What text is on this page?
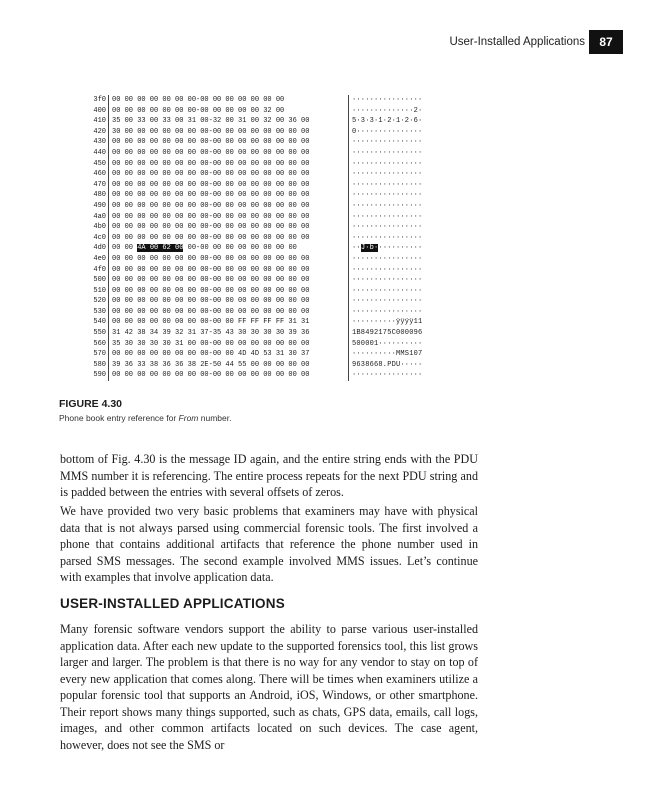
User-Installed Applications	87
3f0 00 00 00 00 00 00 00-00 00 00 00 00 00 00	················
400 00 00 00 00 00 00 00-00 00 00 00 00 32 00	··············2·
410 35 00 33 00 33 00 31 00-32 00 31 00 32 00 36 00	5·3·3·1·2·1·2·6·
420 30 00 00 00 00 00 00 00-00 00 00 00 00 00 00 00	0···············
430 00 00 00 00 00 00 00 00-00 00 00 00 00 00 00 00	················
440 00 00 00 00 00 00 00 00-00 00 00 00 00 00 00 00	················
450 00 00 00 00 00 00 00 00-00 00 00 00 00 00 00 00	················
460 00 00 00 00 00 00 00 00-00 00 00 00 00 00 00 00	················
470 00 00 00 00 00 00 00 00-00 00 00 00 00 00 00 00	················
480 00 00 00 00 00 00 00 00-00 00 00 00 00 00 00 00	················
490 00 00 00 00 00 00 00 00-00 00 00 00 00 00 00 00	················
4a0 00 00 00 00 00 00 00 00-00 00 00 00 00 00 00 00	················
4b0 00 00 00 00 00 00 00 00-00 00 00 00 00 00 00 00	················
4c0 00 00 00 00 00 00 00 00-00 00 00 00 00 00 00 00	················
4d0 00 00 4A 00 62 00 00-00 00 00 00 00 00 00 00	··J·b···········
4e0 00 00 00 00 00 00 00 00-00 00 00 00 00 00 00 00	················
4f0 00 00 00 00 00 00 00 00-00 00 00 00 00 00 00 00	················
500 00 00 00 00 00 00 00 00-00 00 00 00 00 00 00 00	················
510 00 00 00 00 00 00 00 00-00 00 00 00 00 00 00 00	················
520 00 00 00 00 00 00 00 00-00 00 00 00 00 00 00 00	················
530 00 00 00 00 00 00 00 00-00 00 00 00 00 00 00 00	················
540 00 00 00 00 00 00 00 00-00 00 FF FF FF FF 31 31	··········ÿÿÿÿ11
550 31 42 38 34 39 32 31 37-35 43 30 30 30 30 39 36	1B8492175C000096
560 35 30 30 30 30 31 00 00-00 00 00 00 00 00 00 00	500001··········
570 00 00 00 00 00 00 00 00-00 00 4D 4D 53 31 30 37	··········MMS107
580 39 36 33 38 36 36 38 2E-50 44 55 00 00 00 00 00	9638668.PDU·····
590 00 00 00 00 00 00 00 00-00 00 00 00 00 00 00 00	················
FIGURE 4.30
Phone book entry reference for From number.

bottom of Fig. 4.30 is the message ID again, and the entire string ends with the PDU MMS number it is referencing. The entire process repeats for the next PDU string and is padded between the entries with several offsets of zeros.

We have provided two very basic problems that examiners may have with physical data that is not always parsed using commercial forensic tools. The first involved a phone that contains additional artifacts that reference the phone number used in parsed SMS messages. The second example involved MMS issues. Let’s continue with examples that involve application data.

USER-INSTALLED APPLICATIONS

Many forensic software vendors support the ability to parse various user-installed application data. After each new update to the supported forensics tool, this list grows larger and larger. The problem is that there is no way for any vendor to stay on top of every new application that comes along. There will be times when examiners utilize a popular forensic tool that supports an Android, iOS, Windows, or other smartphone. Their report shows many things supported, such as chats, GPS data, emails, call logs, images, and other common artifacts located on such devices. The case agent, however, does not see the SMS or
